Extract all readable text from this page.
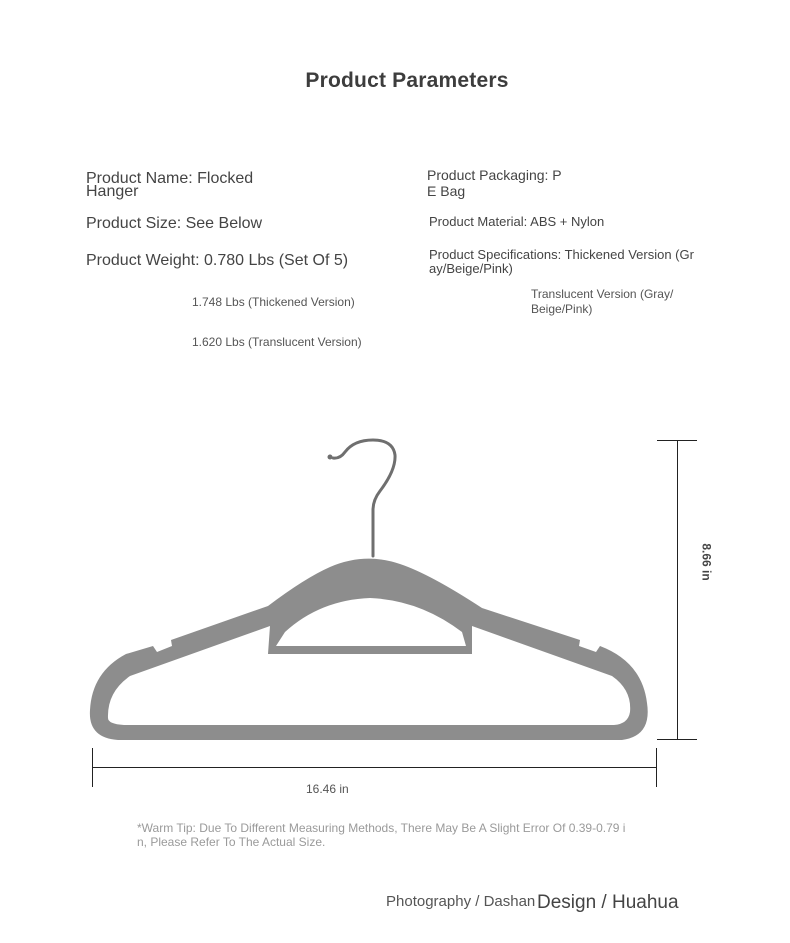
Product Parameters
Product Name: Flocked
Hanger
Product Size: See Below
Product Weight: 0.780 Lbs (Set Of 5)
1.748 Lbs (Thickened Version)
1.620 Lbs (Translucent Version)
Product Packaging: P
E Bag
Product Material: ABS + Nylon
Product Specifications: Thickened Version (Gr
ay/Beige/Pink)
Translucent Version (Gray/
Beige/Pink)
16.46 in
8.66 in
*Warm Tip: Due To Different Measuring Methods, There May Be A Slight Error Of 0.39-0.79 i
n, Please Refer To The Actual Size.
Photography / Dashan Design / Huahua
